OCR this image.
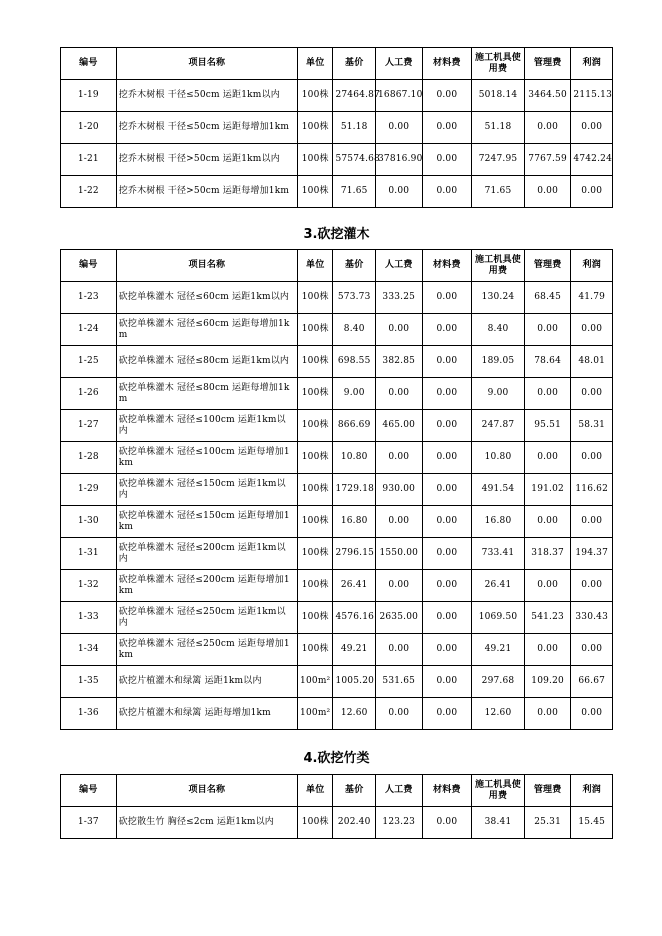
编号	项目名称	单位	基价	人工费	材料费	施工机具使用费	管理费	利润
1-19	挖乔木树根 干径≤50cm 运距1km以内	100株	27464.87	16867.10	0.00	5018.14	3464.50	2115.13
1-20	挖乔木树根 干径≤50cm 运距每增加1km	100株	51.18	0.00	0.00	51.18	0.00	0.00
1-21	挖乔木树根 干径>50cm 运距1km以内	100株	57574.68	37816.90	0.00	7247.95	7767.59	4742.24
1-22	挖乔木树根 干径>50cm 运距每增加1km	100株	71.65	0.00	0.00	71.65	0.00	0.00
3.砍挖灌木
编号	项目名称	单位	基价	人工费	材料费	施工机具使用费	管理费	利润
1-23	砍挖单株灌木 冠径≤60cm 运距1km以内	100株	573.73	333.25	0.00	130.24	68.45	41.79
1-24	砍挖单株灌木 冠径≤60cm 运距每增加1km	100株	8.40	0.00	0.00	8.40	0.00	0.00
1-25	砍挖单株灌木 冠径≤80cm 运距1km以内	100株	698.55	382.85	0.00	189.05	78.64	48.01
1-26	砍挖单株灌木 冠径≤80cm 运距每增加1km	100株	9.00	0.00	0.00	9.00	0.00	0.00
1-27	砍挖单株灌木 冠径≤100cm 运距1km以内	100株	866.69	465.00	0.00	247.87	95.51	58.31
1-28	砍挖单株灌木 冠径≤100cm 运距每增加1km	100株	10.80	0.00	0.00	10.80	0.00	0.00
1-29	砍挖单株灌木 冠径≤150cm 运距1km以内	100株	1729.18	930.00	0.00	491.54	191.02	116.62
1-30	砍挖单株灌木 冠径≤150cm 运距每增加1km	100株	16.80	0.00	0.00	16.80	0.00	0.00
1-31	砍挖单株灌木 冠径≤200cm 运距1km以内	100株	2796.15	1550.00	0.00	733.41	318.37	194.37
1-32	砍挖单株灌木 冠径≤200cm 运距每增加1km	100株	26.41	0.00	0.00	26.41	0.00	0.00
1-33	砍挖单株灌木 冠径≤250cm 运距1km以内	100株	4576.16	2635.00	0.00	1069.50	541.23	330.43
1-34	砍挖单株灌木 冠径≤250cm 运距每增加1km	100株	49.21	0.00	0.00	49.21	0.00	0.00
1-35	砍挖片植灌木和绿篱 运距1km以内	100m²	1005.20	531.65	0.00	297.68	109.20	66.67
1-36	砍挖片植灌木和绿篱 运距每增加1km	100m²	12.60	0.00	0.00	12.60	0.00	0.00
4.砍挖竹类
编号	项目名称	单位	基价	人工费	材料费	施工机具使用费	管理费	利润
1-37	砍挖散生竹 胸径≤2cm 运距1km以内	100株	202.40	123.23	0.00	38.41	25.31	15.45
